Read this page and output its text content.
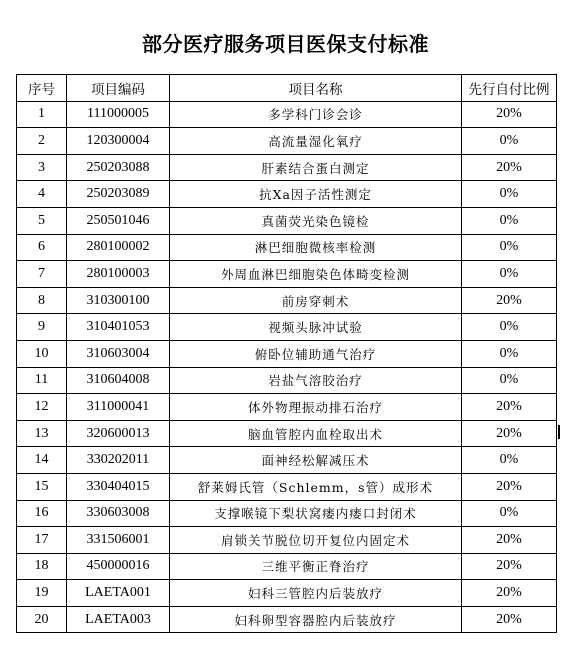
部分医疗服务项目医保支付标准
序号	项目编码	项目名称	先行自付比例
1	111000005	多学科门诊会诊	20%
2	120300004	高流量湿化氧疗	0%
3	250203088	肝素结合蛋白测定	20%
4	250203089	抗Xa因子活性测定	0%
5	250501046	真菌荧光染色镜检	0%
6	280100002	淋巴细胞微核率检测	0%
7	280100003	外周血淋巴细胞染色体畸变检测	0%
8	310300100	前房穿刺术	20%
9	310401053	视频头脉冲试验	0%
10	310603004	俯卧位辅助通气治疗	0%
11	310604008	岩盐气溶胶治疗	0%
12	311000041	体外物理振动排石治疗	20%
13	320600013	脑血管腔内血栓取出术	20%
14	330202011	面神经松解减压术	0%
15	330404015	舒莱姆氏管（Schlemm，s管）成形术	20%
16	330603008	支撑喉镜下梨状窝瘘内瘘口封闭术	0%
17	331506001	肩锁关节脱位切开复位内固定术	20%
18	450000016	三维平衡正脊治疗	20%
19	LAETA001	妇科三管腔内后装放疗	20%
20	LAETA003	妇科卵型容器腔内后装放疗	20%
